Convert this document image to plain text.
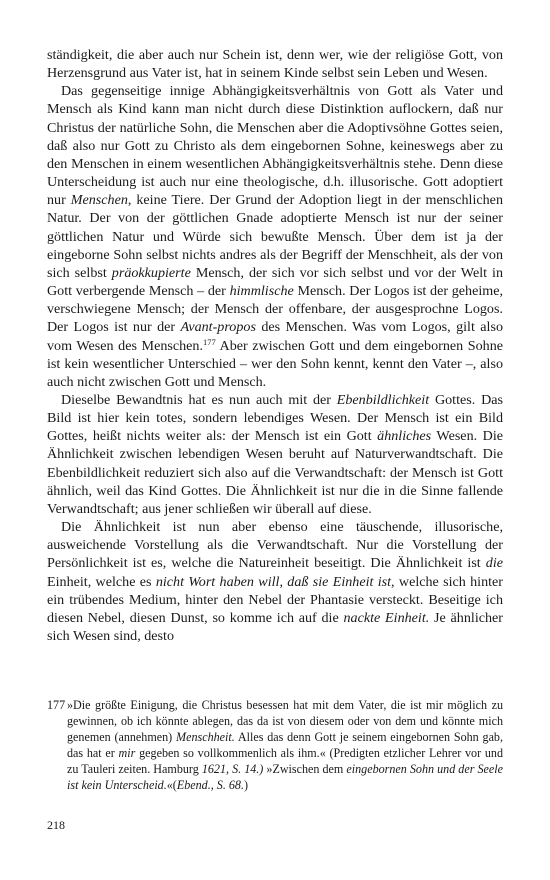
ständigkeit, die aber auch nur Schein ist, denn wer, wie der religiöse Gott, von Herzensgrund aus Vater ist, hat in seinem Kinde selbst sein Leben und Wesen.

Das gegenseitige innige Abhängigkeitsverhältnis von Gott als Vater und Mensch als Kind kann man nicht durch diese Distinktion auflockern, daß nur Christus der natürliche Sohn, die Menschen aber die Adoptivsöhne Gottes seien, daß also nur Gott zu Christo als dem eingebornen Sohne, keineswegs aber zu den Menschen in einem wesentlichen Abhängigkeitsverhältnis stehe. Denn diese Unterscheidung ist auch nur eine theologische, d.h. illusorische. Gott adoptiert nur Menschen, keine Tiere. Der Grund der Adoption liegt in der menschlichen Natur. Der von der göttlichen Gnade adoptierte Mensch ist nur der seiner göttlichen Natur und Würde sich bewußte Mensch. Über dem ist ja der eingeborne Sohn selbst nichts andres als der Begriff der Menschheit, als der von sich selbst präokkupierte Mensch, der sich vor sich selbst und vor der Welt in Gott verbergende Mensch – der himmlische Mensch. Der Logos ist der geheime, verschwiegene Mensch; der Mensch der offenbare, der ausgesprochne Logos. Der Logos ist nur der Avant-propos des Menschen. Was vom Logos, gilt also vom Wesen des Menschen.$^{177}$ Aber zwischen Gott und dem eingebornen Sohne ist kein wesentlicher Unterschied – wer den Sohn kennt, kennt den Vater –, also auch nicht zwischen Gott und Mensch.

Dieselbe Bewandtnis hat es nun auch mit der Ebenbildlichkeit Gottes. Das Bild ist hier kein totes, sondern lebendiges Wesen. Der Mensch ist ein Bild Gottes, heißt nichts weiter als: der Mensch ist ein Gott ähnliches Wesen. Die Ähnlichkeit zwischen lebendigen Wesen beruht auf Naturverwandtschaft. Die Ebenbildlichkeit reduziert sich also auf die Verwandtschaft: der Mensch ist Gott ähnlich, weil das Kind Gottes. Die Ähnlichkeit ist nur die in die Sinne fallende Verwandtschaft; aus jener schließen wir überall auf diese.

Die Ähnlichkeit ist nun aber ebenso eine täuschende, illusorische, ausweichende Vorstellung als die Verwandtschaft. Nur die Vorstellung der Persönlichkeit ist es, welche die Natureinheit beseitigt. Die Ähnlichkeit ist die Einheit, welche es nicht Wort haben will, daß sie Einheit ist, welche sich hinter ein trübendes Medium, hinter den Nebel der Phantasie versteckt. Beseitige ich diesen Nebel, diesen Dunst, so komme ich auf die nackte Einheit. Je ähnlicher sich Wesen sind, desto

177 »Die größte Einigung, die Christus besessen hat mit dem Vater, die ist mir möglich zu gewinnen, ob ich könnte ablegen, das da ist von diesem oder von dem und könnte mich genemen (annehmen) Menschheit. Alles das denn Gott je seinem eingebornen Sohn gab, das hat er mir gegeben so vollkommenlich als ihm.« (Predigten etzlicher Lehrer vor und zu Tauleri zeiten. Hamburg 1621, S. 14.) »Zwischen dem eingebornen Sohn und der Seele ist kein Unterscheid.«(Ebend., S. 68.)
218
